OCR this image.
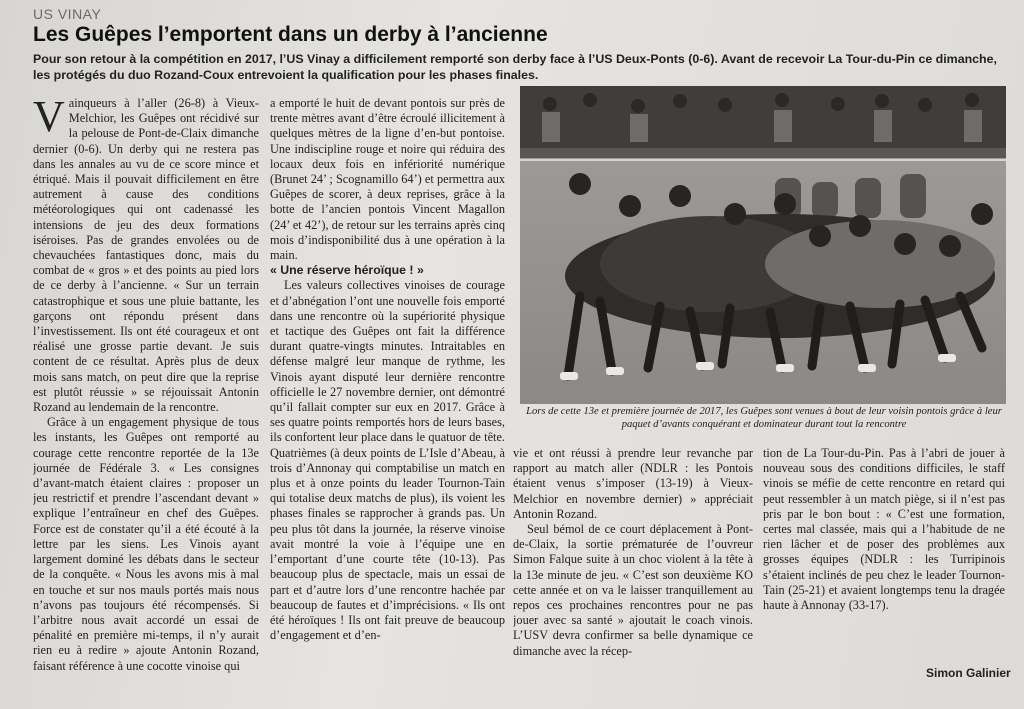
US VINAY
Les Guêpes l’emportent dans un derby à l’ancienne

Pour son retour à la compétition en 2017, l’US Vinay a difficilement remporté son derby face à l’US Deux-Ponts (0-6). Avant de recevoir La Tour-du-Pin ce dimanche, les protégés du duo Rozand-Coux entrevoient la qualification pour les phases finales.

Vainqueurs à l’aller (26-8) à Vieux-Melchior, les Guêpes ont récidivé sur la pelouse de Pont-de-Claix dimanche dernier (0-6). Un derby qui ne restera pas dans les annales au vu de ce score mince et étriqué. Mais il pouvait difficilement en être autrement à cause des conditions météorologiques qui ont cadenassé les intensions de jeu des deux formations iséroises. Pas de grandes envolées ou de chevauchées fantastiques donc, mais du combat de « gros » et des points au pied lors de ce derby à l’ancienne. « Sur un terrain catastrophique et sous une pluie battante, les garçons ont répondu présent dans l’investissement. Ils ont été courageux et ont réalisé une grosse partie devant. Je suis content de ce résultat. Après plus de deux mois sans match, on peut dire que la reprise est plutôt réussie » se réjouissait Antonin Rozand au lendemain de la rencontre.

Grâce à un engagement physique de tous les instants, les Guêpes ont remporté au courage cette rencontre reportée de la 13e journée de Fédérale 3. « Les consignes d’avant-match étaient claires : proposer un jeu restrictif et prendre l’ascendant devant » explique l’entraîneur en chef des Guêpes. Force est de constater qu’il a été écouté à la lettre par les siens. Les Vinois ayant largement dominé les débats dans le secteur de la conquête. « Nous les avons mis à mal en touche et sur nos mauls portés mais nous n’avons pas toujours été récompensés. Si l’arbitre nous avait accordé un essai de pénalité en première mi-temps, il n’y aurait rien eu à redire » ajoute Antonin Rozand, faisant référence à une cocotte vinoise qui

a emporté le huit de devant pontois sur près de trente mètres avant d’être écroulé illicitement à quelques mètres de la ligne d’en-but pontoise. Une indiscipline rouge et noire qui réduira des locaux deux fois en infériorité numérique (Brunet 24’ ; Scognamillo 64’) et permettra aux Guêpes de scorer, à deux reprises, grâce à la botte de l’ancien pontois Vincent Magallon (24’ et 42’), de retour sur les terrains après cinq mois d’indisponibilité dus à une opération à la main.

« Une réserve héroïque ! »

Les valeurs collectives vinoises de courage et d’abnégation l’ont une nouvelle fois emporté dans une rencontre où la supériorité physique et tactique des Guêpes ont fait la différence durant quatre-vingts minutes. Intraitables en défense malgré leur manque de rythme, les Vinois ayant disputé leur dernière rencontre officielle le 27 novembre dernier, ont démontré qu’il fallait compter sur eux en 2017. Grâce à ses quatre points remportés hors de leurs bases, ils confortent leur place dans le quatuor de tête. Quatrièmes (à deux points de L’Isle d’Abeau, à trois d’Annonay qui comptabilise un match en plus et à onze points du leader Tournon-Tain qui totalise deux matchs de plus), ils voient les phases finales se rapprocher à grands pas. Un peu plus tôt dans la journée, la réserve vinoise avait montré la voie à l’équipe une en l’emportant d’une courte tête (10-13). Pas beaucoup plus de spectacle, mais un essai de part et d’autre lors d’une rencontre hachée par beaucoup de fautes et d’imprécisions. « Ils ont été héroïques ! Ils ont fait preuve de beaucoup d’engagement et d’en-

Lors de cette 13e et première journée de 2017, les Guêpes sont venues à bout de leur voisin pontois grâce à leur paquet d’avants conquérant et dominateur durant tout la rencontre

vie et ont réussi à prendre leur revanche par rapport au match aller (NDLR : les Pontois étaient venus s’imposer (13-19) à Vieux-Melchior en novembre dernier) » appréciait Antonin Rozand.

Seul bémol de ce court déplacement à Pont-de-Claix, la sortie prématurée de l’ouvreur Simon Falque suite à un choc violent à la tête à la 13e minute de jeu. « C’est son deuxième KO cette année et on va le laisser tranquillement au repos ces prochaines rencontres pour ne pas jouer avec sa santé » ajoutait le coach vinois. L’USV devra confirmer sa belle dynamique ce dimanche avec la récep-

tion de La Tour-du-Pin. Pas à l’abri de jouer à nouveau sous des conditions difficiles, le staff vinois se méfie de cette rencontre en retard qui peut ressembler à un match piège, si il n’est pas pris par le bon bout : « C’est une formation, certes mal classée, mais qui a l’habitude de ne rien lâcher et de poser des problèmes aux grosses équipes (NDLR : les Turripinois s’étaient inclinés de peu chez le leader Tournon-Tain (25-21) et avaient longtemps tenu la dragée haute à Annonay (33-17).

Simon Galinier
